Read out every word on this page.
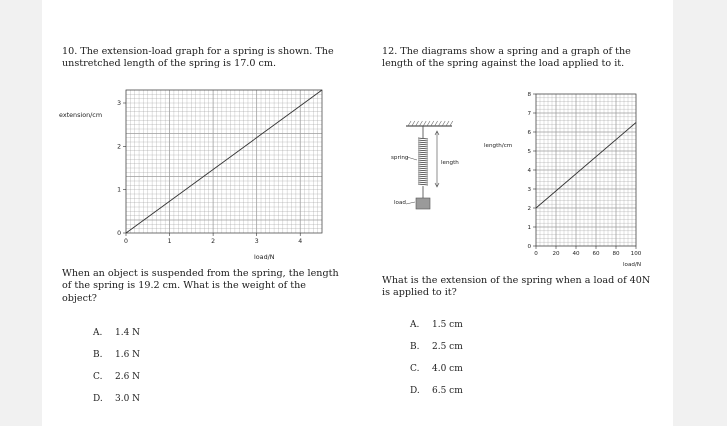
10. The extension-load graph for a spring is shown. The unstretched length of the spring is 17.0 cm.
0	1	2	3	4
0
1
2
3
extension/cm
load/N
When an object is suspended from the spring, the length of the spring is 19.2 cm. What is the weight of the object?
A. 1.4 N
B. 1.6 N
C. 2.6 N
D. 3.0 N
12. The diagrams show a spring and a graph of the length of the spring against the load applied to it.
spring
length
load
0	20 40 60 80 100
0
1
2
3
4
5
6
7
8
length/cm
load/N
What is the extension of the spring when a load of 40N is applied to it?
A. 1.5 cm
B. 2.5 cm
C. 4.0 cm
D. 6.5 cm
